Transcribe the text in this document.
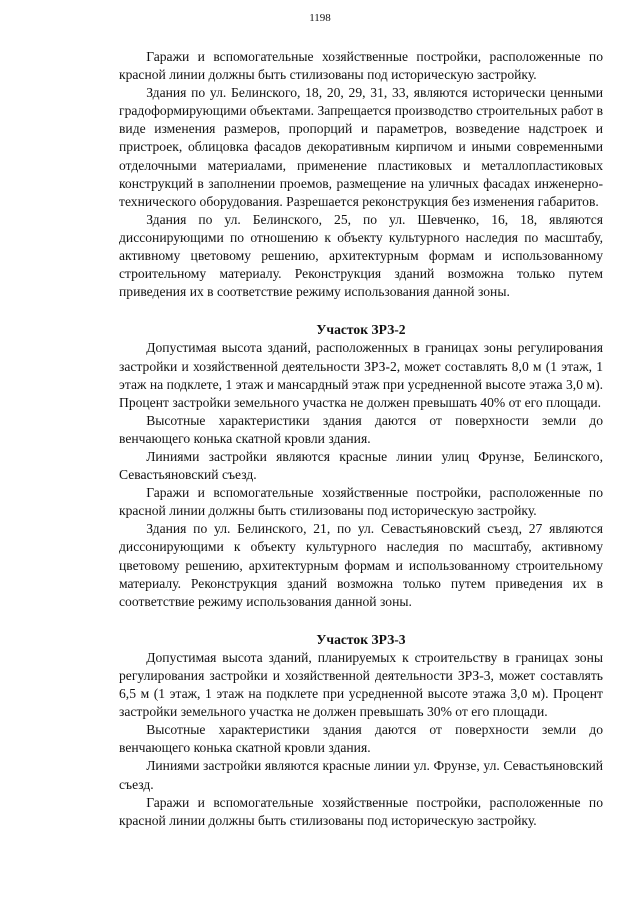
1198

Гаражи и вспомогательные хозяйственные постройки, расположенные по красной линии должны быть стилизованы под историческую застройку.

Здания по ул. Белинского, 18, 20, 29, 31, 33, являются исторически ценными градоформирующими объектами. Запрещается производство строительных работ в виде изменения размеров, пропорций и параметров, возведение надстроек и пристроек, облицовка фасадов декоративным кирпичом и иными современными отделочными материалами, применение пластиковых и металлопластиковых конструкций в заполнении проемов, размещение на уличных фасадах инженерно-технического оборудования. Разрешается реконструкция без изменения габаритов.

Здания по ул. Белинского, 25, по ул. Шевченко, 16, 18, являются диссонирующими по отношению к объекту культурного наследия по масштабу, активному цветовому решению, архитектурным формам и использованному строительному материалу. Реконструкция зданий возможна только путем приведения их в соответствие режиму использования данной зоны.

Участок ЗРЗ-2

Допустимая высота зданий, расположенных в границах зоны регулирования застройки и хозяйственной деятельности ЗРЗ-2, может составлять 8,0 м (1 этаж, 1 этаж на подклете, 1 этаж и мансардный этаж при усредненной высоте этажа 3,0 м). Процент застройки земельного участка не должен превышать 40% от его площади.

Высотные характеристики здания даются от поверхности земли до венчающего конька скатной кровли здания.

Линиями застройки являются красные линии улиц Фрунзе, Белинского, Севастьяновский съезд.

Гаражи и вспомогательные хозяйственные постройки, расположенные по красной линии должны быть стилизованы под историческую застройку.

Здания по ул. Белинского, 21, по ул. Севастьяновский съезд, 27 являются диссонирующими к объекту культурного наследия по масштабу, активному цветовому решению, архитектурным формам и использованному строительному материалу. Реконструкция зданий возможна только путем приведения их в соответствие режиму использования данной зоны.

Участок ЗРЗ-3

Допустимая высота зданий, планируемых к строительству в границах зоны регулирования застройки и хозяйственной деятельности ЗРЗ-3, может составлять 6,5 м (1 этаж, 1 этаж на подклете при усредненной высоте этажа 3,0 м). Процент застройки земельного участка не должен превышать 30% от его площади.

Высотные характеристики здания даются от поверхности земли до венчающего конька скатной кровли здания.

Линиями застройки являются красные линии ул. Фрунзе, ул. Севастьяновский съезд.

Гаражи и вспомогательные хозяйственные постройки, расположенные по красной линии должны быть стилизованы под историческую застройку.
